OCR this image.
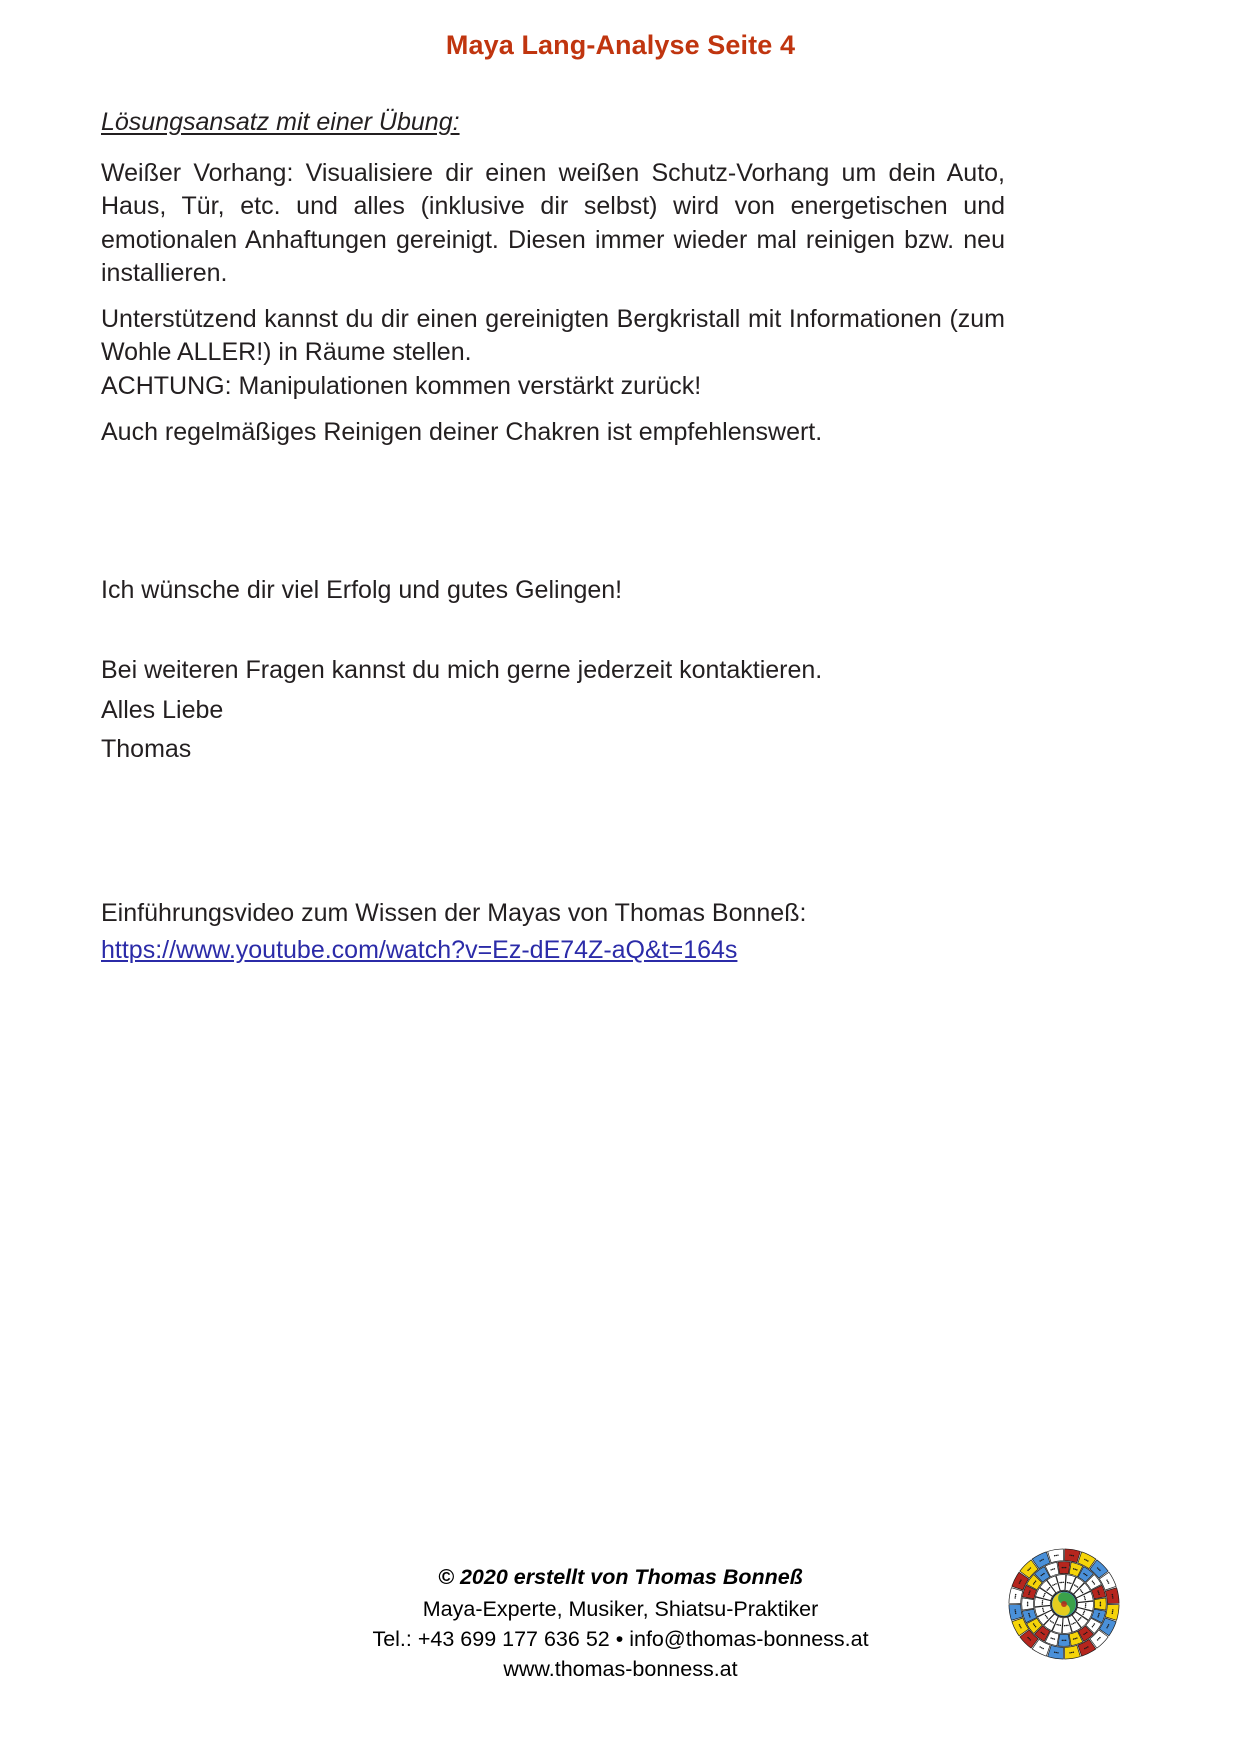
Maya Lang-Analyse Seite 4
Lösungsansatz mit einer Übung:

Weißer Vorhang: Visualisiere dir einen weißen Schutz-Vorhang um dein Auto, Haus, Tür, etc. und alles (inklusive dir selbst) wird von energetischen und emotionalen Anhaftungen gereinigt. Diesen immer wieder mal reinigen bzw. neu installieren.

Unterstützend kannst du dir einen gereinigten Bergkristall mit Informationen (zum Wohle ALLER!) in Räume stellen.

ACHTUNG: Manipulationen kommen verstärkt zurück!

Auch regelmäßiges Reinigen deiner Chakren ist empfehlenswert.

Ich wünsche dir viel Erfolg und gutes Gelingen!

Bei weiteren Fragen kannst du mich gerne jederzeit kontaktieren.

Alles Liebe

Thomas

Einführungsvideo zum Wissen der Mayas von Thomas Bonneß:

https://www.youtube.com/watch?v=Ez-dE74Z-aQ&t=164s

© 2020 erstellt von Thomas Bonneß

Maya-Experte, Musiker, Shiatsu-Praktiker

Tel.: +43 699 177 636 52 • info@thomas-bonness.at

www.thomas-bonness.at
